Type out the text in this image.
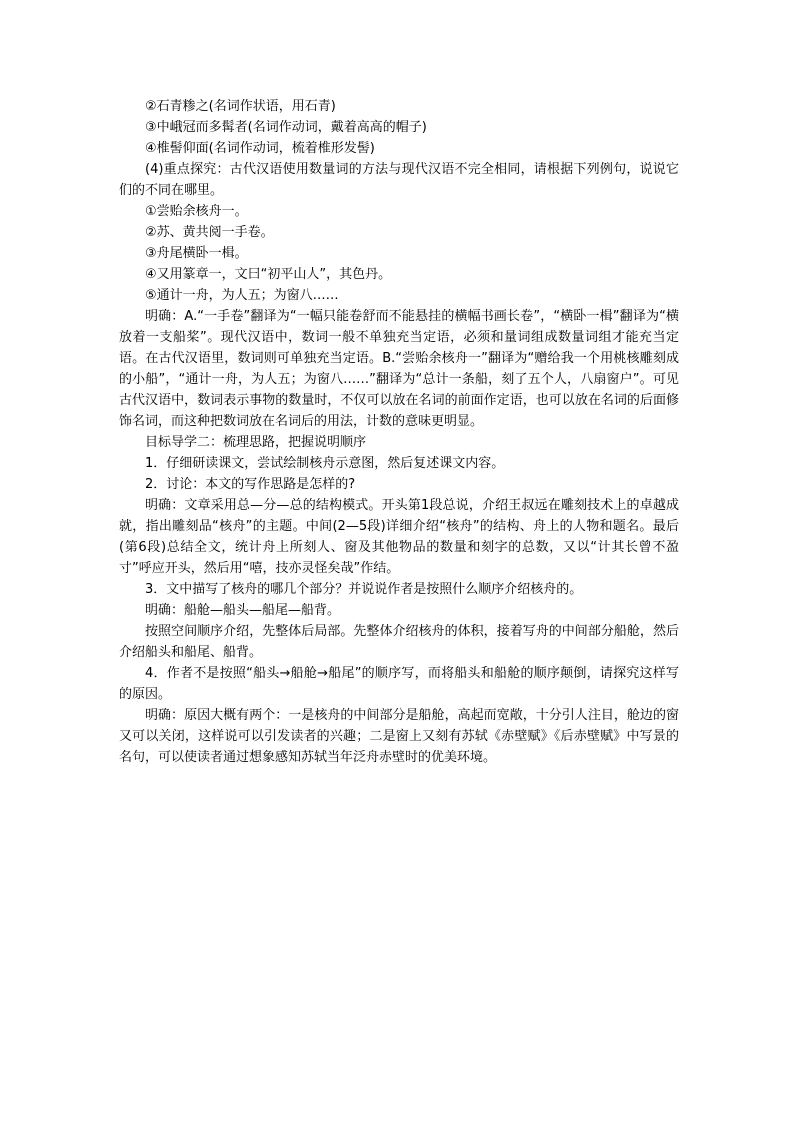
②石青糁之(名词作状语，用石青)

③中峨冠而多髯者(名词作动词，戴着高高的帽子)

④椎髻仰面(名词作动词，梳着椎形发髻)

(4)重点探究：古代汉语使用数量词的方法与现代汉语不完全相同，请根据下列例句，说说它们的不同在哪里。

①尝贻余核舟一。

②苏、黄共阅一手卷。

③舟尾横卧一楫。

④又用篆章一，文曰“初平山人”，其色丹。

⑤通计一舟，为人五；为窗八……

明确：A.“一手卷”翻译为“一幅只能卷舒而不能悬挂的横幅书画长卷”，“横卧一楫”翻译为“横放着一支船桨”。现代汉语中，数词一般不单独充当定语，必须和量词组成数量词组才能充当定语。在古代汉语里，数词则可单独充当定语。B.“尝贻余核舟一”翻译为“赠给我一个用桃核雕刻成的小船”，“通计一舟，为人五；为窗八……”翻译为“总计一条船，刻了五个人，八扇窗户”。可见古代汉语中，数词表示事物的数量时，不仅可以放在名词的前面作定语，也可以放在名词的后面修饰名词，而这种把数词放在名词后的用法，计数的意味更明显。

目标导学二：梳理思路，把握说明顺序

1．仔细研读课文，尝试绘制核舟示意图，然后复述课文内容。

2．讨论：本文的写作思路是怎样的?

明确：文章采用总—分—总的结构模式。开头第1段总说，介绍王叔远在雕刻技术上的卓越成就，指出雕刻品“核舟”的主题。中间(2—5段)详细介绍“核舟”的结构、舟上的人物和题名。最后(第6段)总结全文，统计舟上所刻人、窗及其他物品的数量和刻字的总数，又以“计其长曾不盈寸”呼应开头，然后用“嘻，技亦灵怪矣哉”作结。

3．文中描写了核舟的哪几个部分？并说说作者是按照什么顺序介绍核舟的。

明确：船舱—船头—船尾—船背。

按照空间顺序介绍，先整体后局部。先整体介绍核舟的体积，接着写舟的中间部分船舱，然后介绍船头和船尾、船背。

4．作者不是按照“船头→船舱→船尾”的顺序写，而将船头和船舱的顺序颠倒，请探究这样写的原因。

明确：原因大概有两个：一是核舟的中间部分是船舱，高起而宽敞，十分引人注目，舱边的窗又可以关闭，这样说可以引发读者的兴趣；二是窗上又刻有苏轼《赤壁赋》《后赤壁赋》中写景的名句，可以使读者通过想象感知苏轼当年泛舟赤壁时的优美环境。
